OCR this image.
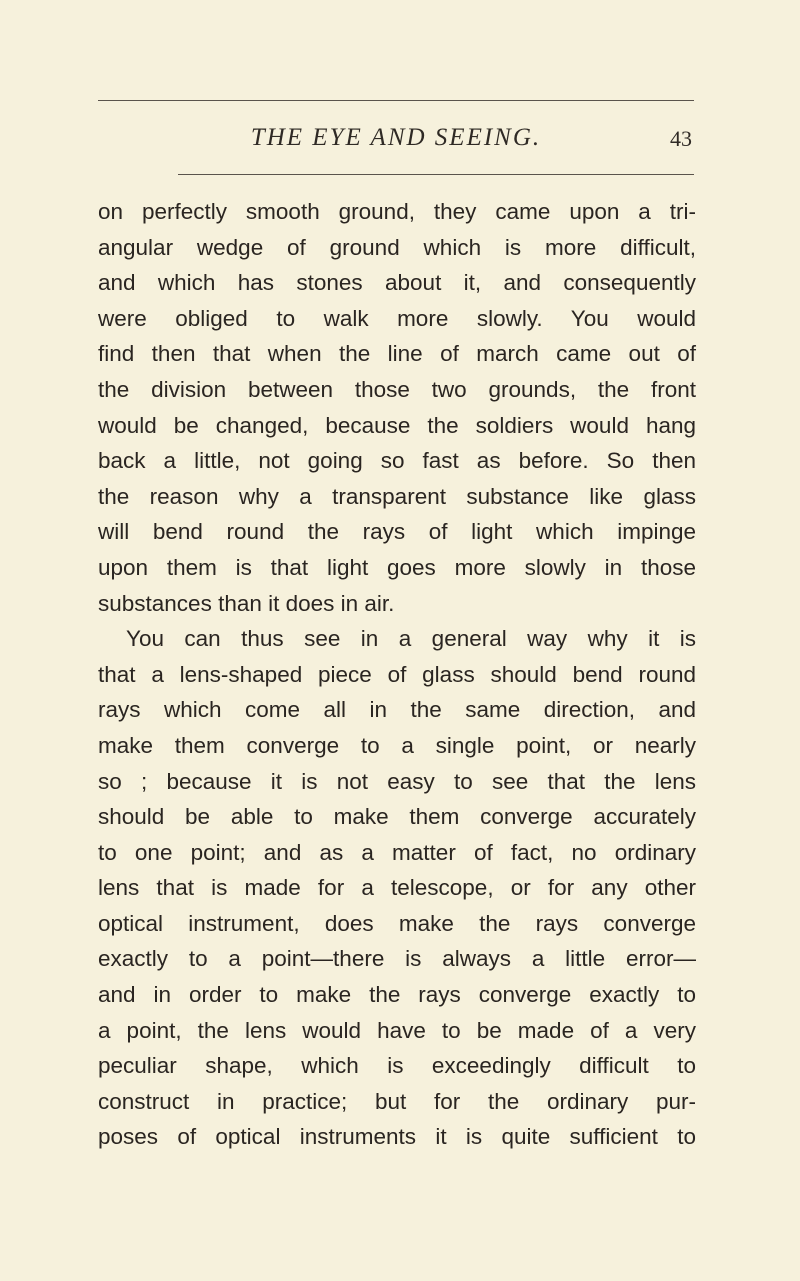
THE EYE AND SEEING.	43
on perfectly smooth ground, they came upon a tri-
angular wedge of ground which is more difficult,
and which has stones about it, and consequently
were obliged to walk more slowly. You would
find then that when the line of march came out of
the division between those two grounds, the front
would be changed, because the soldiers would hang
back a little, not going so fast as before. So then
the reason why a transparent substance like glass
will bend round the rays of light which impinge
upon them is that light goes more slowly in those
substances than it does in air.
You can thus see in a general way why it is
that a lens-shaped piece of glass should bend round
rays which come all in the same direction, and
make them converge to a single point, or nearly
so ; because it is not easy to see that the lens
should be able to make them converge accurately
to one point; and as a matter of fact, no ordinary
lens that is made for a telescope, or for any other
optical instrument, does make the rays converge
exactly to a point—there is always a little error—
and in order to make the rays converge exactly to
a point, the lens would have to be made of a very
peculiar shape, which is exceedingly difficult to
construct in practice; but for the ordinary pur-
poses of optical instruments it is quite sufficient to
